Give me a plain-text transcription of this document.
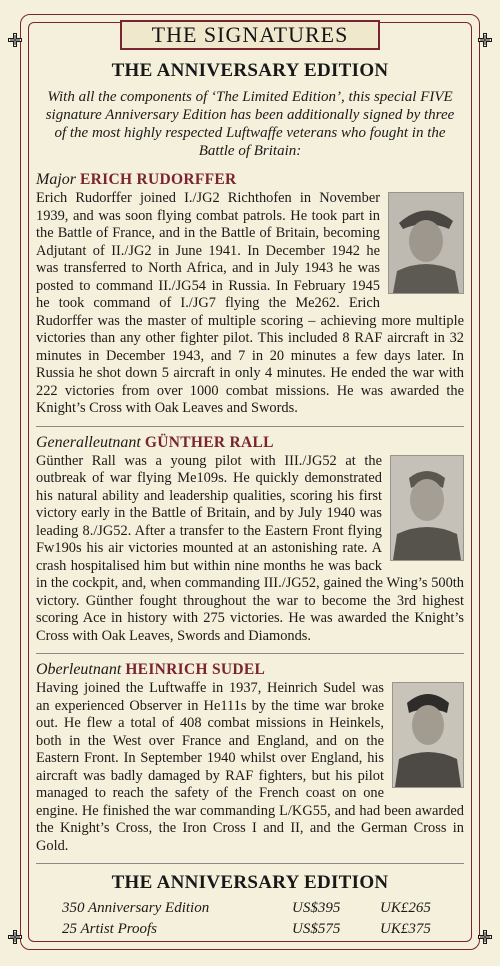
THE SIGNATURES
THE ANNIVERSARY EDITION

With all the components of ‘The Limited Edition’, this special FIVE signature Anniversary Edition has been additionally signed by three of the most highly respected Luftwaffe veterans who fought in the Battle of Britain:

Major ERICH RUDORFFER

Erich Rudorffer joined I./JG2 Richthofen in November 1939, and was soon flying combat patrols. He took part in the Battle of France, and in the Battle of Britain, becoming Adjutant of II./JG2 in June 1941. In December 1942 he was transferred to North Africa, and in July 1943 he was posted to command II./JG54 in Russia. In February 1945 he took command of I./JG7 flying the Me262. Erich Rudorffer was the master of multiple scoring – achieving more multiple victories than any other fighter pilot. This included 8 RAF aircraft in 32 minutes in December 1943, and 7 in 20 minutes a few days later. In Russia he shot down 5 aircraft in only 4 minutes. He ended the war with 222 victories from over 1000 combat missions. He was awarded the Knight’s Cross with Oak Leaves and Swords.

Generalleutnant GÜNTHER RALL

Günther Rall was a young pilot with III./JG52 at the outbreak of war flying Me109s. He quickly demonstrated his natural ability and leadership qualities, scoring his first victory early in the Battle of Britain, and by July 1940 was leading 8./JG52. After a transfer to the Eastern Front flying Fw190s his air victories mounted at an astonishing rate. A crash hospitalised him but within nine months he was back in the cockpit, and, when commanding III./JG52, gained the Wing’s 500th victory. Günther fought throughout the war to become the 3rd highest scoring Ace in history with 275 victories. He was awarded the Knight’s Cross with Oak Leaves, Swords and Diamonds.

Oberleutnant HEINRICH SUDEL

Having joined the Luftwaffe in 1937, Heinrich Sudel was an experienced Observer in He111s by the time war broke out. He flew a total of 408 combat missions in Heinkels, both in the West over France and England, and on the Eastern Front. In September 1940 whilst over England, his aircraft was badly damaged by RAF fighters, but his pilot managed to reach the safety of the French coast on one engine. He finished the war commanding L/KG55, and had been awarded the Knight’s Cross, the Iron Cross I and II, and the German Cross in Gold.

THE ANNIVERSARY EDITION
350 Anniversary Edition	US$395	UK£265
25 Artist Proofs	US$575	UK£375
